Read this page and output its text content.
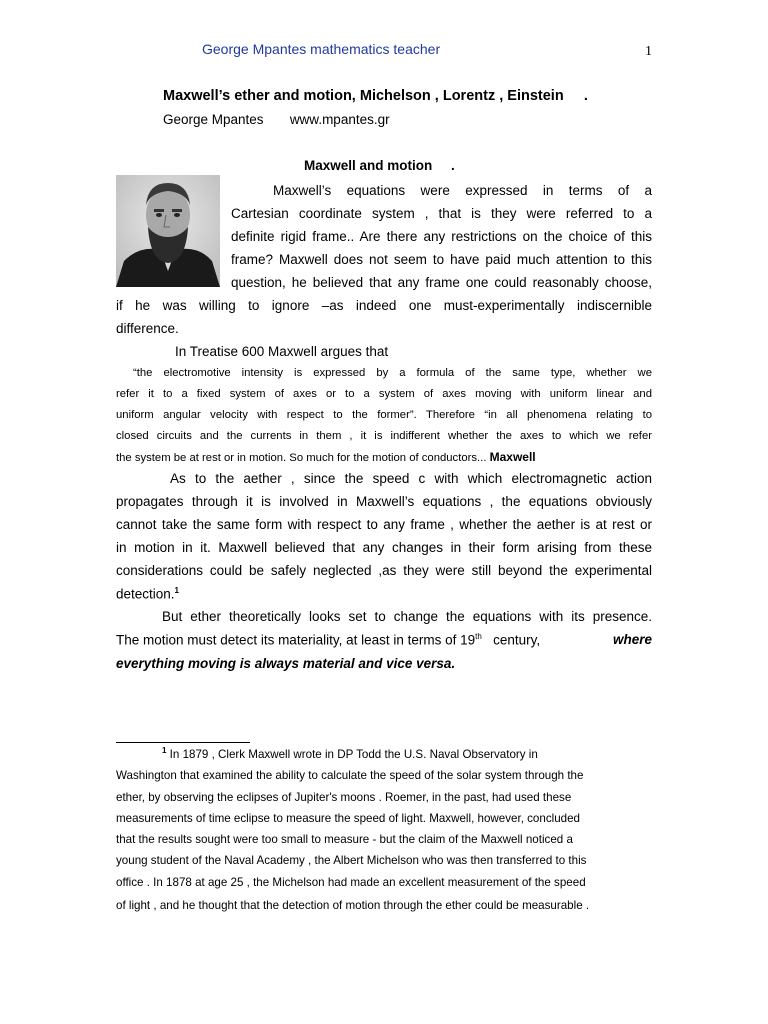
George Mpantes mathematics teacher	1
Maxwell’s ether and motion, Michelson , Lorentz , Einstein     .
George Mpantes       www.mpantes.gr
Maxwell and motion     .
Maxwell’s equations were expressed in terms of a
Cartesian coordinate system , that is they were referred to a
definite rigid frame.. Are there any restrictions on the choice of this
frame? Maxwell does not seem to have paid much attention to this
question, he believed that any frame one could reasonably choose,
if he was willing to ignore –as indeed one must-experimentally indiscernible
difference.
In Treatise 600 Maxwell argues that
“the electromotive intensity is expressed by a formula of the same type, whether we
refer it to a fixed system of axes or to a system of axes moving with uniform linear and
uniform angular velocity with respect to the former”. Therefore “in all phenomena relating to
closed circuits and the currents in them , it is indifferent whether the axes to which we refer
the system be at rest or in motion. So much for the motion of conductors... Maxwell
As to the aether , since the speed c with which electromagnetic action
propagates through it is involved in Maxwell’s equations , the equations obviously
cannot take the same form with respect to any frame , whether the aether is at rest or
in motion in it. Maxwell believed that any changes in their form arising from these
considerations could be safely neglected ,as they were still beyond the experimental
detection.$^1$
But ether theoretically looks set to change the equations with its presence.
The motion must detect its materiality, at least in terms of 19th century,	where
everything moving is always material and vice versa.
$^1$ In 1879 , Clerk Maxwell wrote in DP Todd the U.S. Naval Observatory in
Washington that examined the ability to calculate the speed of the solar system through the
ether, by observing the eclipses of Jupiter's moons . Roemer, in the past, had used these
measurements of time eclipse to measure the speed of light. Maxwell, however, concluded
that the results sought were too small to measure - but the claim of the Maxwell noticed a
young student of the Naval Academy , the Albert Michelson who was then transferred to this
office . In 1878 at age 25 , the Michelson had made an excellent measurement of the speed
of light , and he thought that the detection of motion through the ether could be measurable .
